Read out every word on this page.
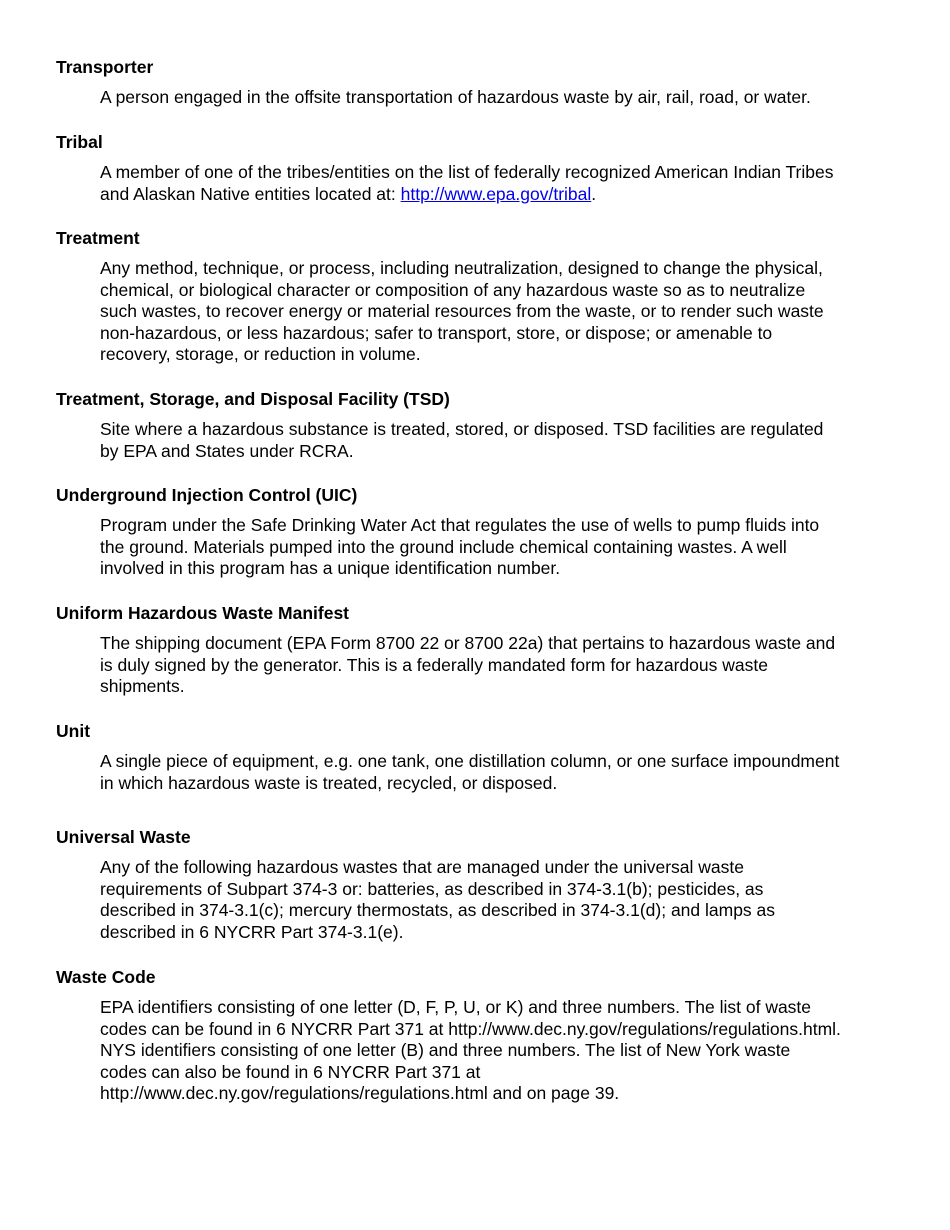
Transporter

A person engaged in the offsite transportation of hazardous waste by air, rail, road, or water.

Tribal

A member of one of the tribes/entities on the list of federally recognized American Indian Tribes
and Alaskan Native entities located at: http://www.epa.gov/tribal.

Treatment

Any method, technique, or process, including neutralization, designed to change the physical,
chemical, or biological character or composition of any hazardous waste so as to neutralize
such wastes, to recover energy or material resources from the waste, or to render such waste
non-hazardous, or less hazardous; safer to transport, store, or dispose; or amenable to
recovery, storage, or reduction in volume.

Treatment, Storage, and Disposal Facility (TSD)

Site where a hazardous substance is treated, stored, or disposed. TSD facilities are regulated
by EPA and States under RCRA.

Underground Injection Control (UIC)

Program under the Safe Drinking Water Act that regulates the use of wells to pump fluids into
the ground. Materials pumped into the ground include chemical containing wastes. A well
involved in this program has a unique identification number.

Uniform Hazardous Waste Manifest

The shipping document (EPA Form 8700 22 or 8700 22a) that pertains to hazardous waste and
is duly signed by the generator. This is a federally mandated form for hazardous waste
shipments.

Unit

A single piece of equipment, e.g. one tank, one distillation column, or one surface impoundment
in which hazardous waste is treated, recycled, or disposed.

Universal Waste

Any of the following hazardous wastes that are managed under the universal waste
requirements of Subpart 374-3 or: batteries, as described in 374-3.1(b); pesticides, as
described in 374-3.1(c); mercury thermostats, as described in 374-3.1(d); and lamps as
described in 6 NYCRR Part 374-3.1(e).

Waste Code

EPA identifiers consisting of one letter (D, F, P, U, or K) and three numbers. The list of waste
codes can be found in 6 NYCRR Part 371 at http://www.dec.ny.gov/regulations/regulations.html.
NYS identifiers consisting of one letter (B) and three numbers. The list of New York waste
codes can also be found in 6 NYCRR Part 371 at
http://www.dec.ny.gov/regulations/regulations.html and on page 39.
